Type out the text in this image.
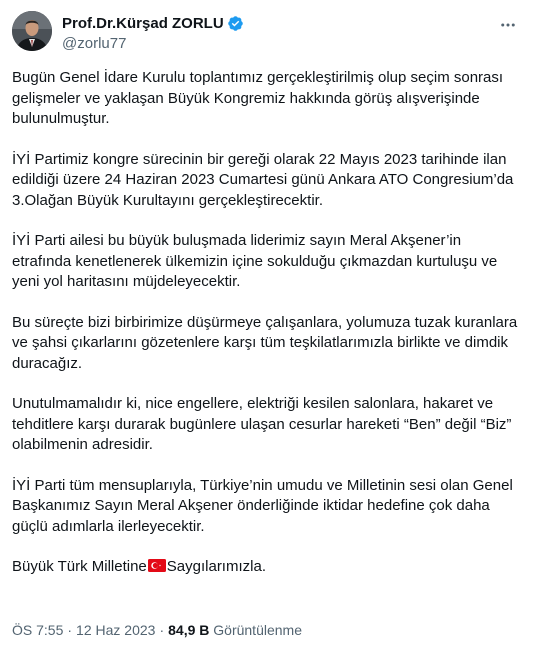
Prof.Dr.Kürşad ZORLU
@zorlu77

Bugün Genel İdare Kurulu toplantımız gerçekleştirilmiş olup seçim sonrası gelişmeler ve yaklaşan Büyük Kongremiz hakkında görüş alışverişinde bulunulmuştur.

İYİ Partimiz kongre sürecinin bir gereği olarak 22 Mayıs 2023 tarihinde ilan edildiği üzere 24 Haziran 2023 Cumartesi günü Ankara ATO Congresium’da 3.Olağan Büyük Kurultayını gerçekleştirecektir.

İYİ Parti ailesi bu büyük buluşmada liderimiz sayın Meral Akşener’in etrafında kenetlenerek ülkemizin içine sokulduğu çıkmazdan kurtuluşu ve yeni yol haritasını müjdeleyecektir.

Bu süreçte bizi birbirimize düşürmeye çalışanlara, yolumuza tuzak kuranlara ve şahsi çıkarlarını gözetenlere karşı tüm teşkilatlarımızla birlikte ve dimdik duracağız.

Unutulmamalıdır ki, nice engellere, elektriği kesilen salonlara, hakaret ve tehditlere karşı durarak bugünlere ulaşan cesurlar hareketi “Ben” değil “Biz” olabilmenin adresidir.

İYİ Parti tüm mensuplarıyla, Türkiye’nin umudu ve Milletinin sesi olan Genel Başkanımız Sayın Meral Akşener önderliğinde iktidar hedefine çok daha güçlü adımlarla ilerleyecektir.

Büyük Türk Milletine Saygılarımızla.

ÖS 7:55 · 12 Haz 2023 · 84,9 B Görüntülenme
